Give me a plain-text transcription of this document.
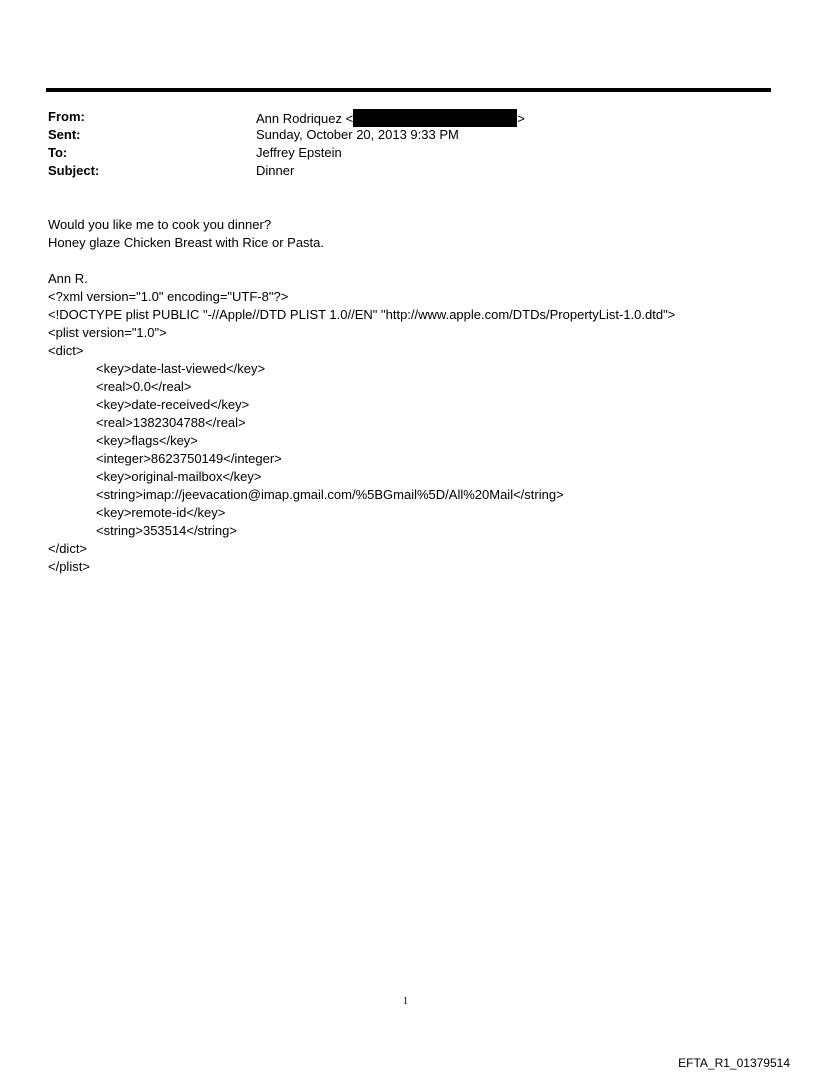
From:	Ann Rodriquez <	>
Sent:	Sunday, October 20, 2013 9:33 PM
To:	Jeffrey Epstein
Subject:	Dinner
Would you like me to cook you dinner?
Honey glaze Chicken Breast with Rice or Pasta.
Ann R.
<?xml version="1.0" encoding="UTF-8"?>
<!DOCTYPE plist PUBLIC "-//Apple//DTD PLIST 1.0//EN" "http://www.apple.com/DTDs/PropertyList-1.0.dtd">
<plist version="1.0">
<dict>
<key>date-last-viewed</key>
<real>0.0</real>
<key>date-received</key>
<real>1382304788</real>
<key>flags</key>
<integer>8623750149</integer>
<key>original-mailbox</key>
<string>imap://jeevacation@imap.gmail.com/%5BGmail%5D/All%20Mail</string>
<key>remote-id</key>
<string>353514</string>
</dict>
</plist>
1
EFTA_R1_01379514
